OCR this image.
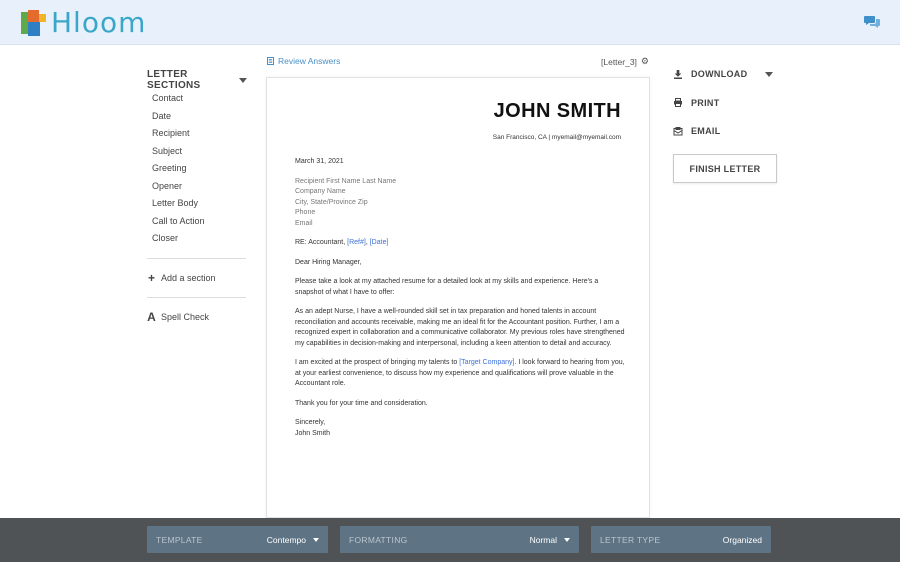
Hloom
LETTER SECTIONS
Contact
Date
Recipient
Subject
Greeting
Opener
Letter Body
Call to Action
Closer
+ Add a section
A Spell Check
Review Answers	[Letter_3] ⚙
JOHN SMITH
San Francisco, CA | myemail@myemail.com

March 31, 2021

Recipient First Name Last Name
Company Name
City, State/Province Zip
Phone
Email

RE: Accountant, [Ref#], [Date]

Dear Hiring Manager,

Please take a look at my attached resume for a detailed look at my skills and experience. Here's a snapshot of what I have to offer:

As an adept Nurse, I have a well-rounded skill set in tax preparation and honed talents in account reconciliation and accounts receivable, making me an ideal fit for the Accountant position. Further, I am a recognized expert in collaboration and a communicative collaborator. My previous roles have strengthened my capabilities in decision-making and interpersonal, including a keen attention to detail and accuracy.

I am excited at the prospect of bringing my talents to [Target Company]. I look forward to hearing from you, at your earliest convenience, to discuss how my experience and qualifications will prove valuable in the Accountant role.

Thank you for your time and consideration.

Sincerely,
John Smith

DOWNLOAD
PRINT
EMAIL
FINISH LETTER
TEMPLATE	Contempo	FORMATTING	Normal	LETTER TYPE	Organized
